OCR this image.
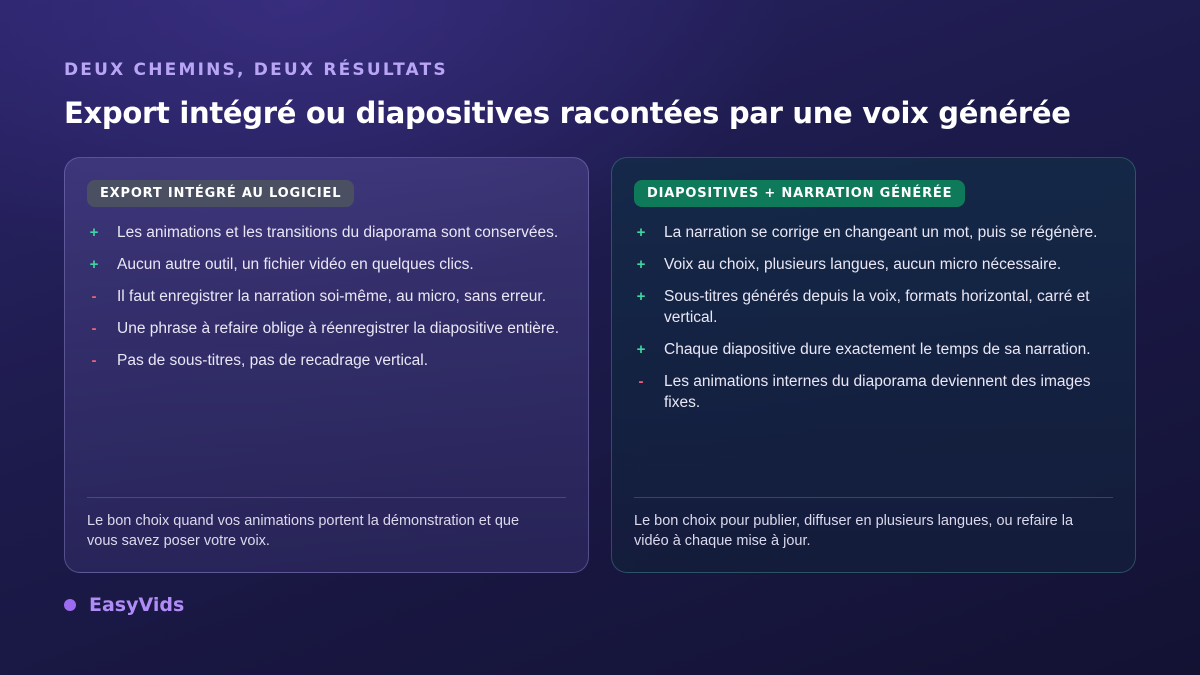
DEUX CHEMINS, DEUX RÉSULTATS
Export intégré ou diapositives racontées par une voix générée
EXPORT INTÉGRÉ AU LOGICIEL
+ Les animations et les transitions du diaporama sont conservées.
+ Aucun autre outil, un fichier vidéo en quelques clics.
- Il faut enregistrer la narration soi-même, au micro, sans erreur.
- Une phrase à refaire oblige à réenregistrer la diapositive entière.
- Pas de sous-titres, pas de recadrage vertical.

Le bon choix quand vos animations portent la démonstration et que vous savez poser votre voix.

DIAPOSITIVES + NARRATION GÉNÉRÉE
+ La narration se corrige en changeant un mot, puis se régénère.
+ Voix au choix, plusieurs langues, aucun micro nécessaire.
+ Sous-titres générés depuis la voix, formats horizontal, carré et vertical.
+ Chaque diapositive dure exactement le temps de sa narration.
- Les animations internes du diaporama deviennent des images fixes.

Le bon choix pour publier, diffuser en plusieurs langues, ou refaire la vidéo à chaque mise à jour.

EasyVids
